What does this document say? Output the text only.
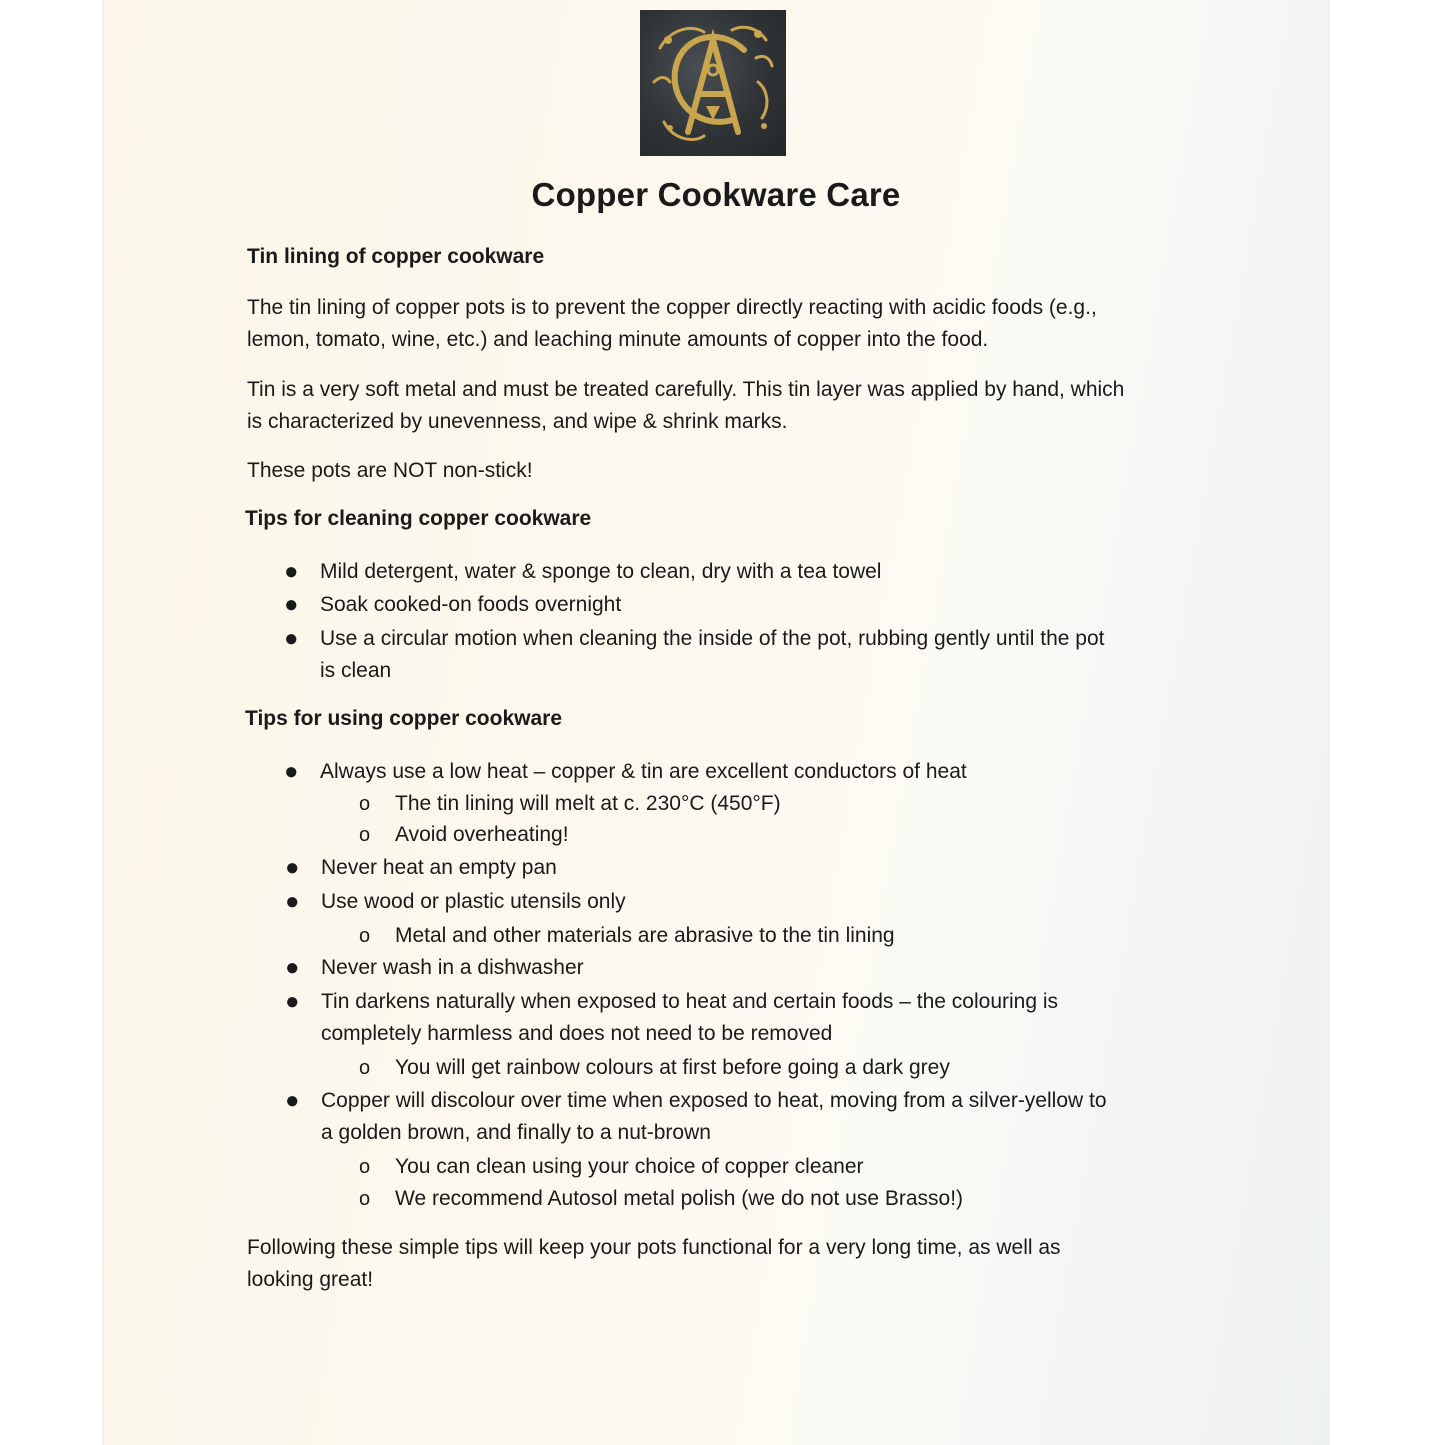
Copper Cookware Care
Tin lining of copper cookware
The tin lining of copper pots is to prevent the copper directly reacting with acidic foods (e.g.,
lemon, tomato, wine, etc.) and leaching minute amounts of copper into the food.
Tin is a very soft metal and must be treated carefully. This tin layer was applied by hand, which
is characterized by unevenness, and wipe & shrink marks.
These pots are NOT non-stick!
Tips for cleaning copper cookware
● Mild detergent, water & sponge to clean, dry with a tea towel
● Soak cooked-on foods overnight
● Use a circular motion when cleaning the inside of the pot, rubbing gently until the pot
is clean
Tips for using copper cookware
● Always use a low heat – copper & tin are excellent conductors of heat
o The tin lining will melt at c. 230°C (450°F)
o Avoid overheating!
● Never heat an empty pan
● Use wood or plastic utensils only
o Metal and other materials are abrasive to the tin lining
● Never wash in a dishwasher
● Tin darkens naturally when exposed to heat and certain foods – the colouring is
completely harmless and does not need to be removed
o You will get rainbow colours at first before going a dark grey
● Copper will discolour over time when exposed to heat, moving from a silver-yellow to
a golden brown, and finally to a nut-brown
o You can clean using your choice of copper cleaner
o We recommend Autosol metal polish (we do not use Brasso!)
Following these simple tips will keep your pots functional for a very long time, as well as
looking great!
